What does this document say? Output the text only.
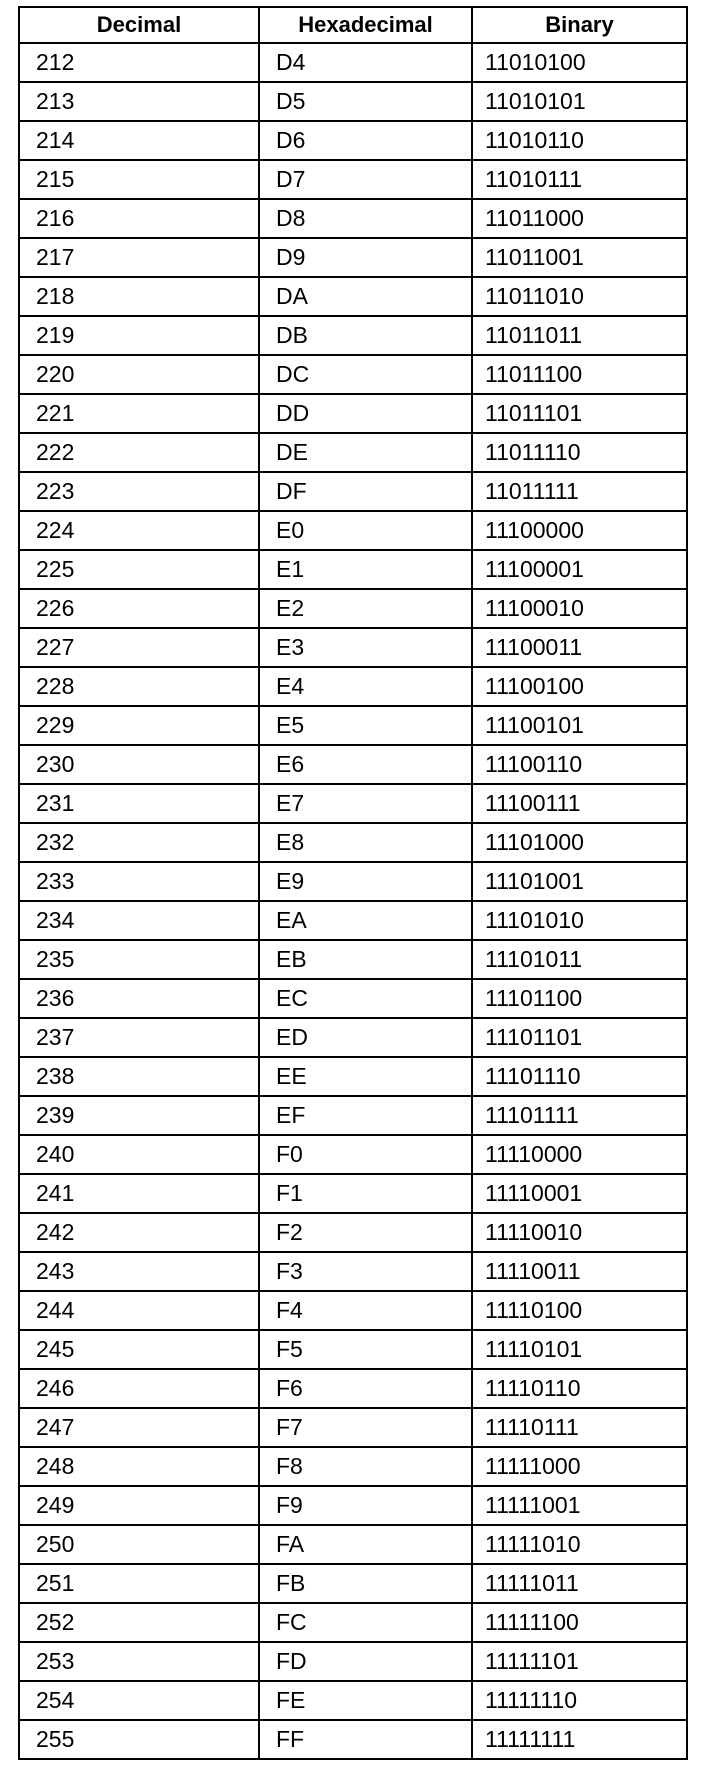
Decimal	Hexadecimal	Binary
212	D4	11010100
213	D5	11010101
214	D6	11010110
215	D7	11010111
216	D8	11011000
217	D9	11011001
218	DA	11011010
219	DB	11011011
220	DC	11011100
221	DD	11011101
222	DE	11011110
223	DF	11011111
224	E0	11100000
225	E1	11100001
226	E2	11100010
227	E3	11100011
228	E4	11100100
229	E5	11100101
230	E6	11100110
231	E7	11100111
232	E8	11101000
233	E9	11101001
234	EA	11101010
235	EB	11101011
236	EC	11101100
237	ED	11101101
238	EE	11101110
239	EF	11101111
240	F0	11110000
241	F1	11110001
242	F2	11110010
243	F3	11110011
244	F4	11110100
245	F5	11110101
246	F6	11110110
247	F7	11110111
248	F8	11111000
249	F9	11111001
250	FA	11111010
251	FB	11111011
252	FC	11111100
253	FD	11111101
254	FE	11111110
255	FF	11111111
